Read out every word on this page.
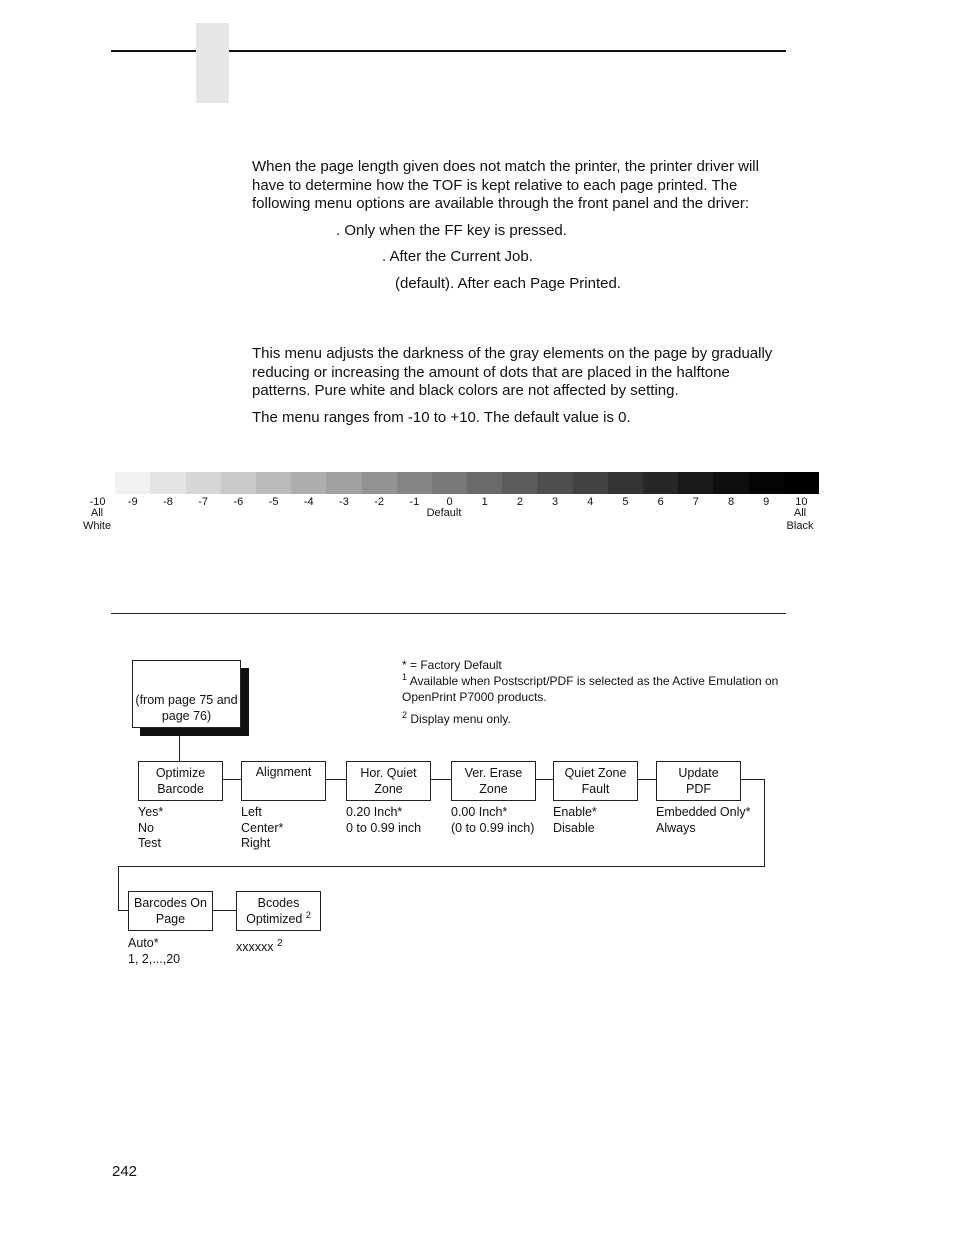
When the page length given does not match the printer, the printer driver will have to determine how the TOF is kept relative to each page printed. The following menu options are available through the front panel and the driver:

. Only when the FF key is pressed.
. After the Current Job.
(default). After each Page Printed.

This menu adjusts the darkness of the gray elements on the page by gradually reducing or increasing the amount of dots that are placed in the halftone patterns. Pure white and black colors are not affected by setting.

The menu ranges from -10 to +10. The default value is 0.

-10	-9	-8	-7	-6	-5	-4	-3	-2	-1	0	1	2	3	4	5	6	7	8	9	10
All
White
Default	All
Black
(from page 75 and page 76)
Optimize
Barcode
Alignment	Hor. Quiet
Zone
Ver. Erase
Zone
Quiet Zone
Fault
Update
PDF
Yes*
No
Test
Left
Center*
Right
0.20 Inch*
0 to 0.99 inch
0.00 Inch*
(0 to 0.99 inch)
Enable*
Disable
Embedded Only*
Always
Barcodes On
Page
Bcodes
Optimized $^2$
Auto*
1, 2,...,20
xxxxxx $^2$
* = Factory Default
$^1$ Available when Postscript/PDF is selected as the Active Emulation on OpenPrint P7000 products.
$^2$ Display menu only.
242
